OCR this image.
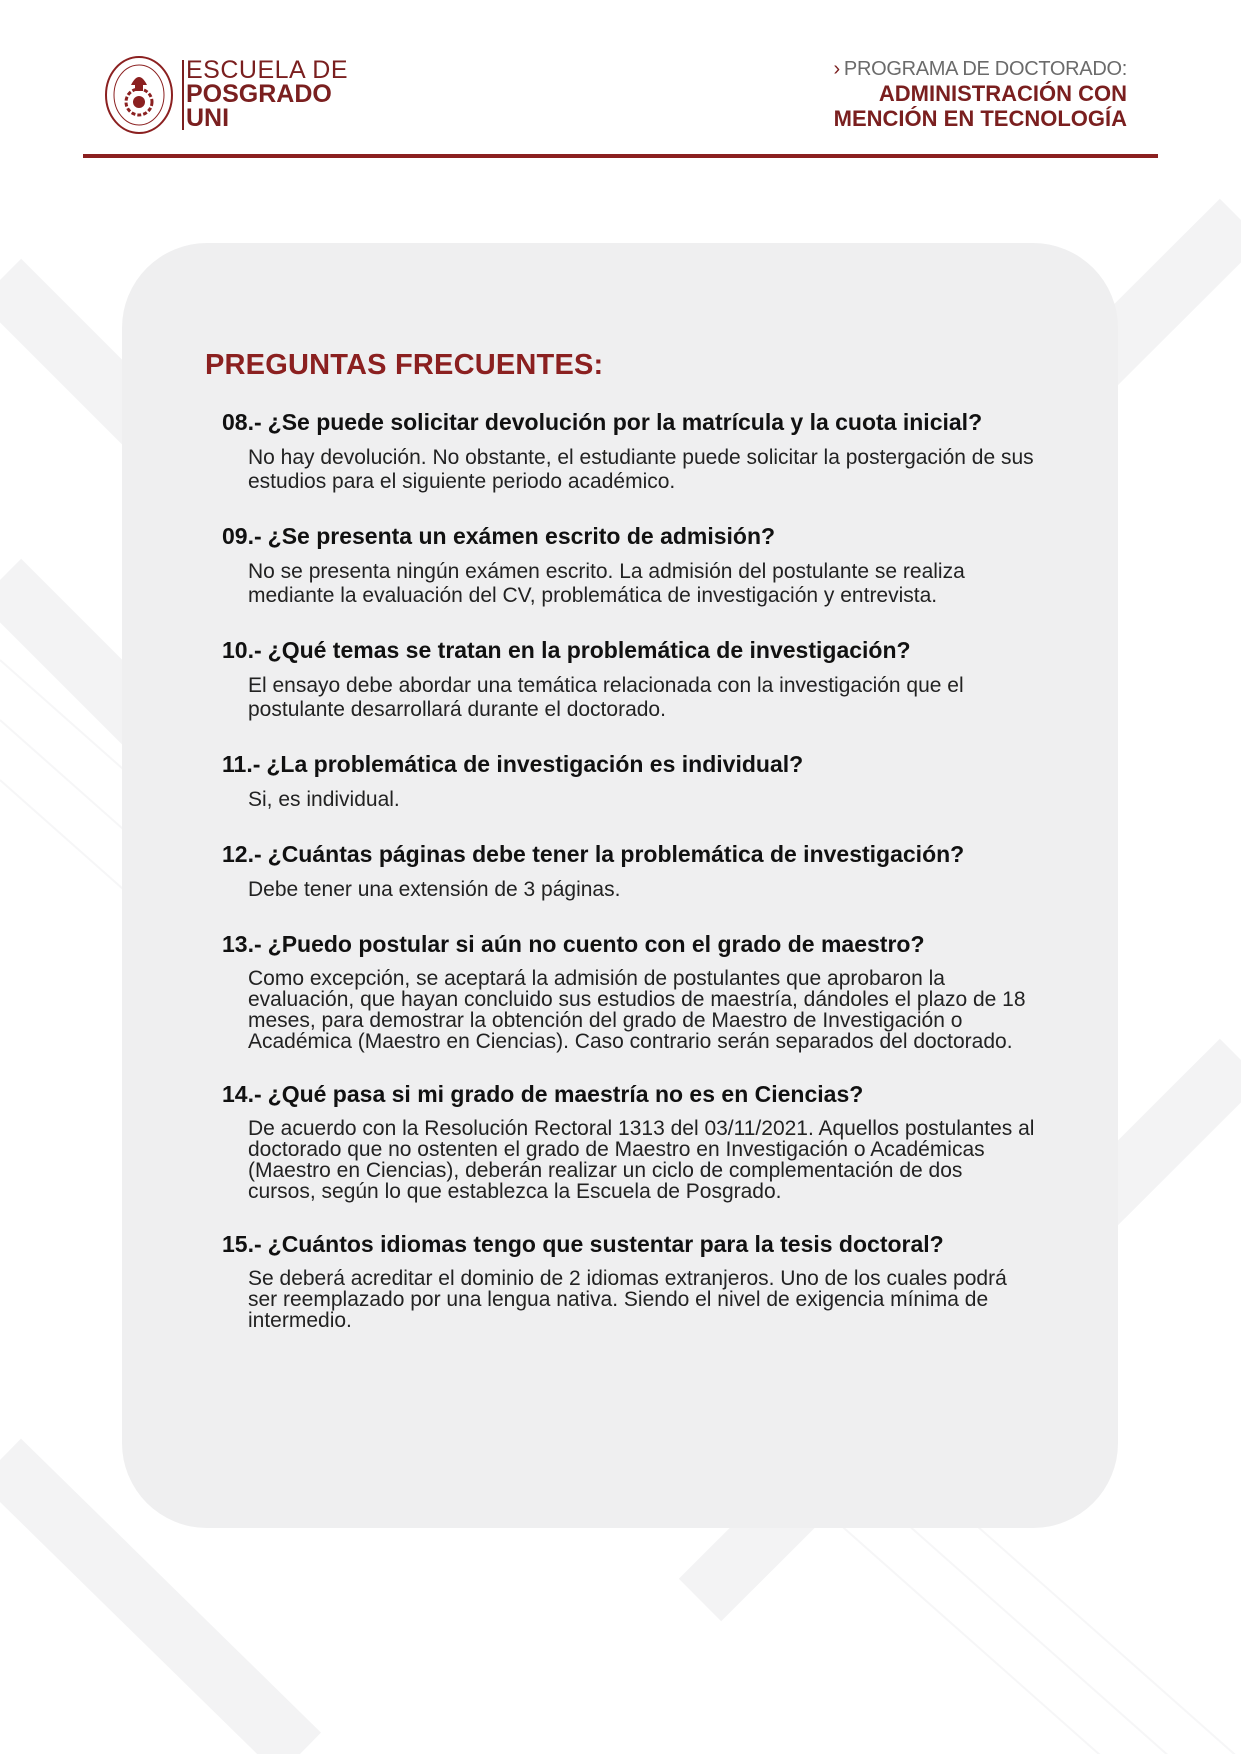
ESCUELA DE
POSGRADO
UNI
› PROGRAMA DE DOCTORADO:
ADMINISTRACIÓN CON
MENCIÓN EN TECNOLOGÍA
PREGUNTAS FRECUENTES:
08.- ¿Se puede solicitar devolución por la matrícula y la cuota inicial?
No hay devolución. No obstante, el estudiante puede solicitar la postergación de sus estudios para el siguiente periodo académico.
09.- ¿Se presenta un exámen escrito de admisión?
No se presenta ningún exámen escrito. La admisión del postulante se realiza mediante la evaluación del CV, problemática de investigación y entrevista.
10.- ¿Qué temas se tratan en la problemática de investigación?
El ensayo debe abordar una temática relacionada con la investigación que el postulante desarrollará durante el doctorado.
11.- ¿La problemática de investigación es individual?
Si, es individual.
12.- ¿Cuántas páginas debe tener la problemática de investigación?
Debe tener una extensión de 3 páginas.
13.- ¿Puedo postular si aún no cuento con el grado de maestro?
Como excepción, se aceptará la admisión de postulantes que aprobaron la evaluación, que hayan concluido sus estudios de maestría, dándoles el plazo de 18 meses, para demostrar la obtención del grado de Maestro de Investigación o Académica (Maestro en Ciencias). Caso contrario serán separados del doctorado.
14.- ¿Qué pasa si mi grado de maestría no es en Ciencias?
De acuerdo con la Resolución Rectoral 1313 del 03/11/2021. Aquellos postulantes al doctorado que no ostenten el grado de Maestro en Investigación o Académicas (Maestro en Ciencias), deberán realizar un ciclo de complementación de dos cursos, según lo que establezca la Escuela de Posgrado.
15.- ¿Cuántos idiomas tengo que sustentar para la tesis doctoral?
Se deberá acreditar el dominio de 2 idiomas extranjeros. Uno de los cuales podrá ser reemplazado por una lengua nativa. Siendo el nivel de exigencia mínima de intermedio.
